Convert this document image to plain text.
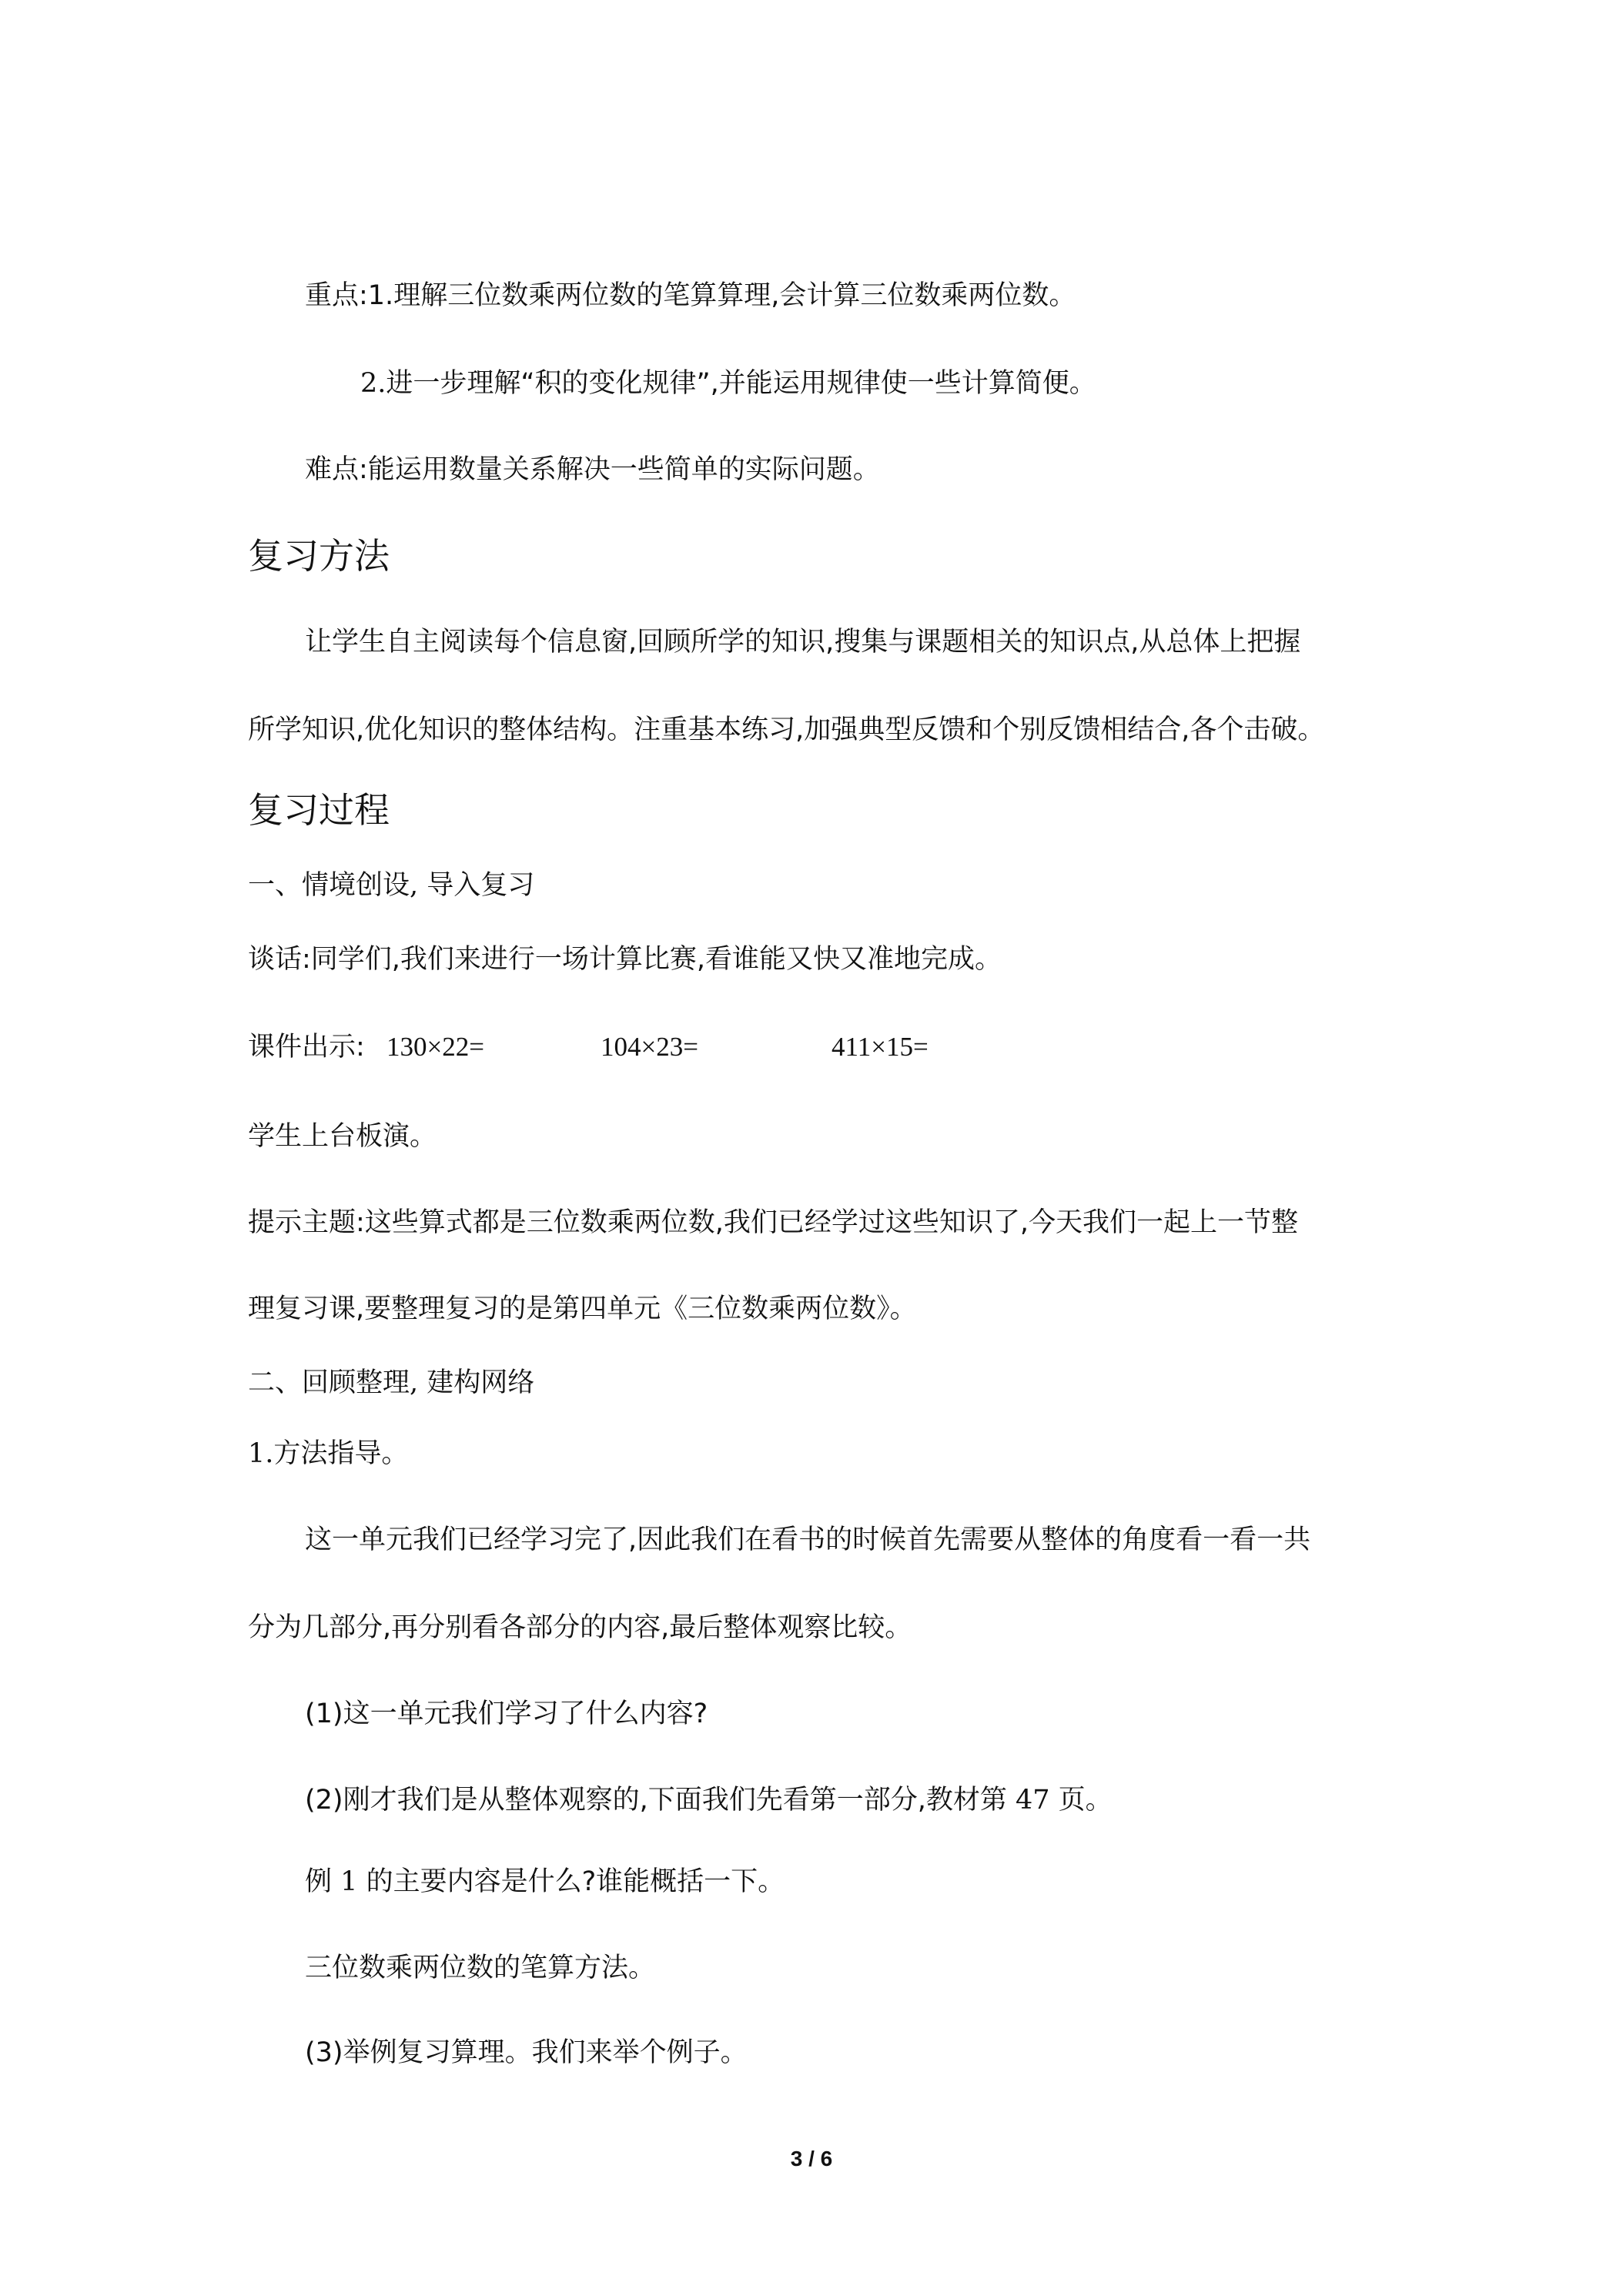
重点:1.理解三位数乘两位数的笔算算理,会计算三位数乘两位数。
2.进一步理解“积的变化规律”,并能运用规律使一些计算简便。
难点:能运用数量关系解决一些简单的实际问题。
复习方法
让学生自主阅读每个信息窗,回顾所学的知识,搜集与课题相关的知识点,从总体上把握
所学知识,优化知识的整体结构。注重基本练习,加强典型反馈和个别反馈相结合,各个击破。
复习过程
一、情境创设, 导入复习
谈话:同学们,我们来进行一场计算比赛,看谁能又快又准地完成。
课件出示: 130×22=	104×23=	411×15=
学生上台板演。
提示主题:这些算式都是三位数乘两位数,我们已经学过这些知识了,今天我们一起上一节整
理复习课,要整理复习的是第四单元《三位数乘两位数》。
二、回顾整理, 建构网络
1.方法指导。
这一单元我们已经学习完了,因此我们在看书的时候首先需要从整体的角度看一看一共
分为几部分,再分别看各部分的内容,最后整体观察比较。
(1)这一单元我们学习了什么内容?
(2)刚才我们是从整体观察的,下面我们先看第一部分,教材第 47 页。
例 1 的主要内容是什么?谁能概括一下。
三位数乘两位数的笔算方法。
(3)举例复习算理。我们来举个例子。
3 / 6
